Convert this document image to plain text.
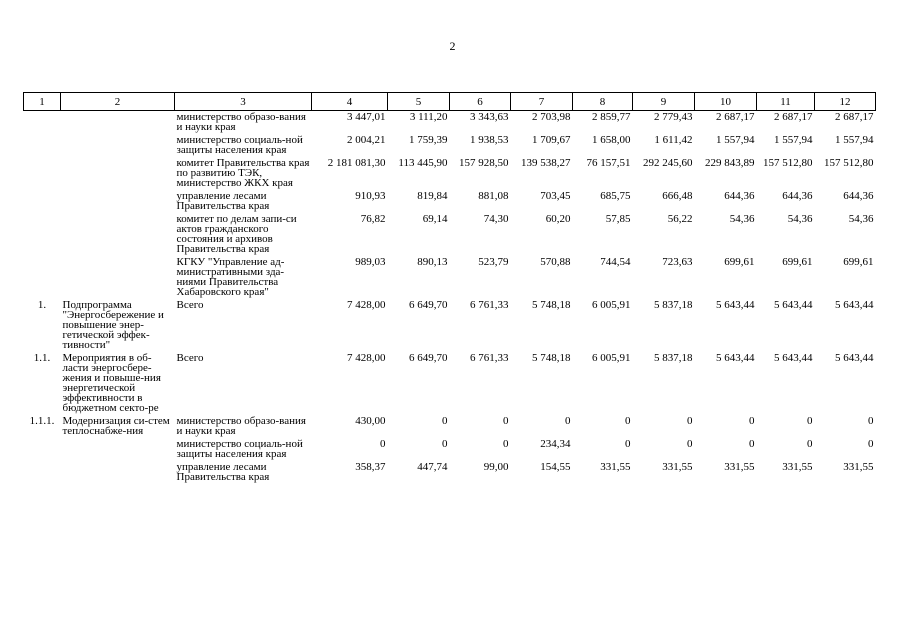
2
1	2	3	4	5	6	7	8	9	10	11	12
		министерство образо-вания и науки края	3 447,01	3 111,20	3 343,63	2 703,98	2 859,77	2 779,43	2 687,17	2 687,17	2 687,17
		министерство социаль-ной защиты населения края	2 004,21	1 759,39	1 938,53	1 709,67	1 658,00	1 611,42	1 557,94	1 557,94	1 557,94
		комитет Правительства края по развитию ТЭК, министерство ЖКХ края	2 181 081,30	113 445,90	157 928,50	139 538,27	76 157,51	292 245,60	229 843,89	157 512,80	157 512,80
		управление лесами Правительства края	910,93	819,84	881,08	703,45	685,75	666,48	644,36	644,36	644,36
		комитет по делам запи-си актов гражданского состояния и архивов Правительства края	76,82	69,14	74,30	60,20	57,85	56,22	54,36	54,36	54,36
		КГКУ "Управление ад-министративными зда-ниями Правительства Хабаровского края"	989,03	890,13	523,79	570,88	744,54	723,63	699,61	699,61	699,61
1.	Подпрограмма "Энергосбережение и повышение энер-гетической эффек-тивности"	Всего	7 428,00	6 649,70	6 761,33	5 748,18	6 005,91	5 837,18	5 643,44	5 643,44	5 643,44
1.1.	Мероприятия в об-ласти энергосбере-жения и повыше-ния энергетической эффективности в бюджетном секто-ре	Всего	7 428,00	6 649,70	6 761,33	5 748,18	6 005,91	5 837,18	5 643,44	5 643,44	5 643,44
1.1.1.	Модернизация си-стем теплоснабже-ния	министерство образо-вания и науки края	430,00	0	0	0	0	0	0	0	0
		министерство социаль-ной защиты населения края	0	0	0	234,34	0	0	0	0	0
		управление лесами Правительства края	358,37	447,74	99,00	154,55	331,55	331,55	331,55	331,55	331,55
